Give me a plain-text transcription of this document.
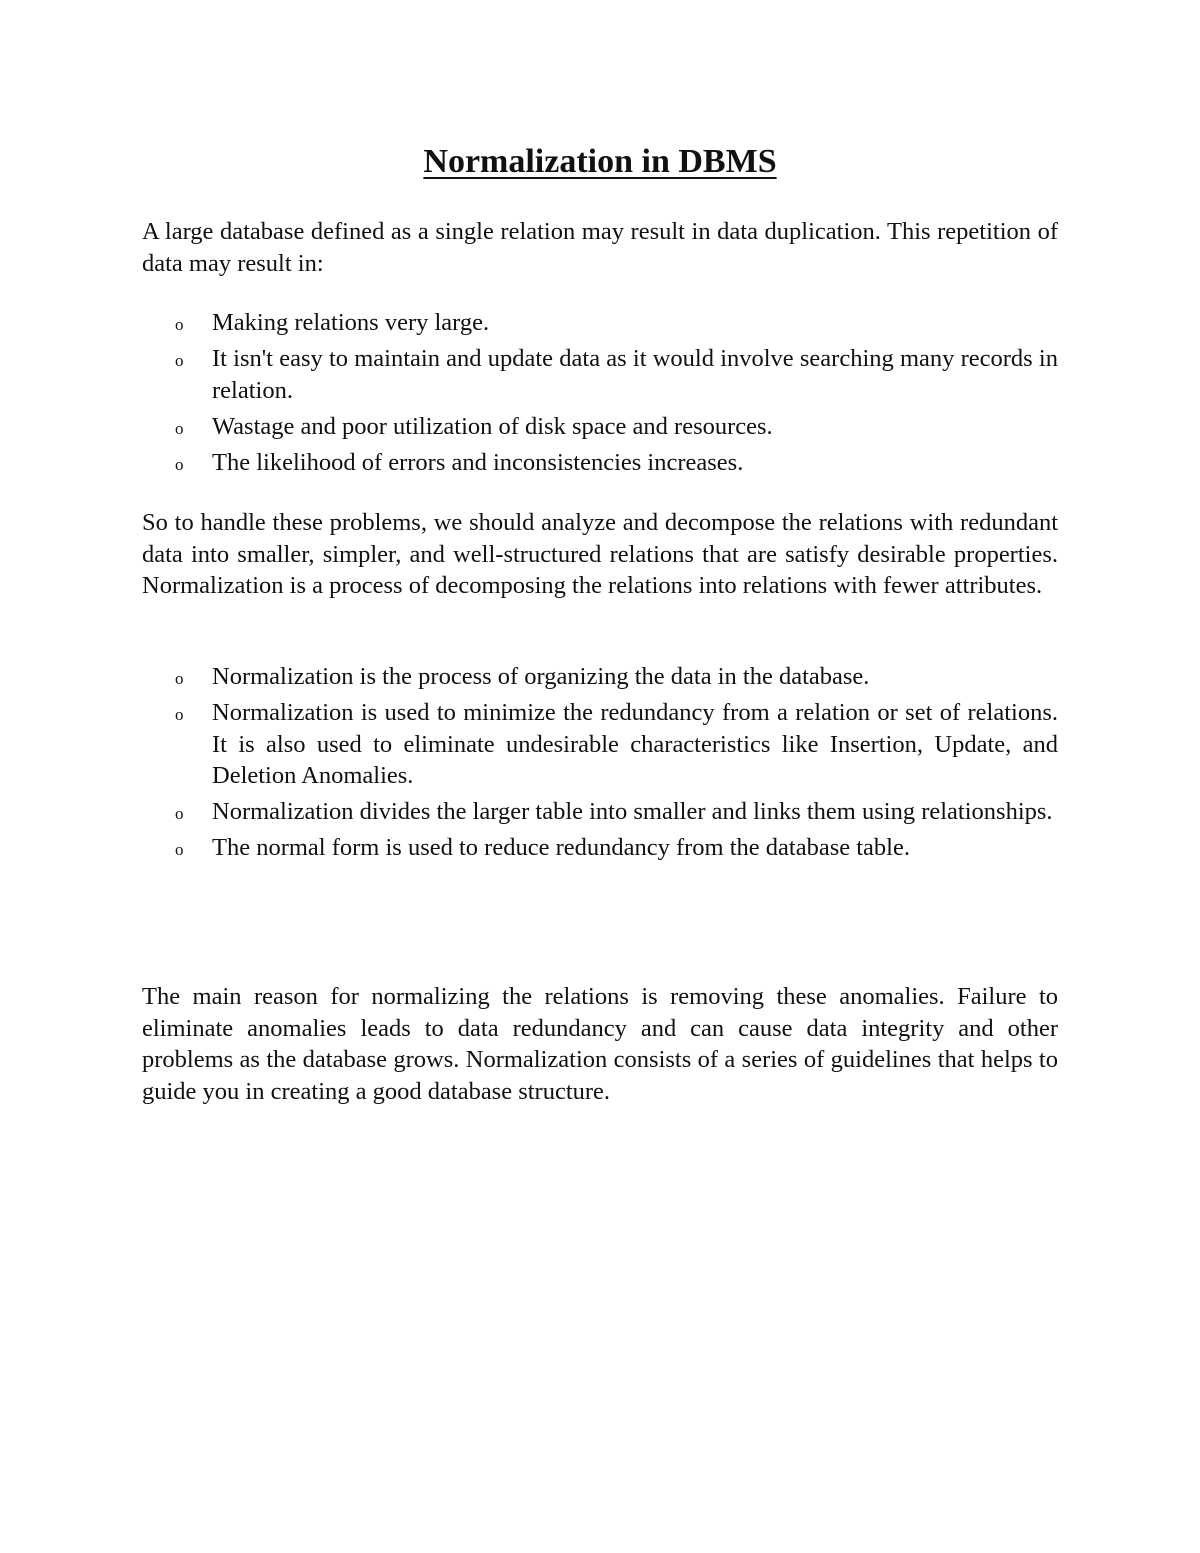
Normalization in DBMS

A large database defined as a single relation may result in data duplication. This repetition of data may result in:

o Making relations very large.
o It isn't easy to maintain and update data as it would involve searching many records in relation.
o Wastage and poor utilization of disk space and resources.
o The likelihood of errors and inconsistencies increases.

So to handle these problems, we should analyze and decompose the relations with redundant data into smaller, simpler, and well-structured relations that are satisfy desirable properties. Normalization is a process of decomposing the relations into relations with fewer attributes.

o Normalization is the process of organizing the data in the database.
o Normalization is used to minimize the redundancy from a relation or set of relations. It is also used to eliminate undesirable characteristics like Insertion, Update, and Deletion Anomalies.
o Normalization divides the larger table into smaller and links them using relationships.
o The normal form is used to reduce redundancy from the database table.

The main reason for normalizing the relations is removing these anomalies. Failure to eliminate anomalies leads to data redundancy and can cause data integrity and other problems as the database grows. Normalization consists of a series of guidelines that helps to guide you in creating a good database structure.
